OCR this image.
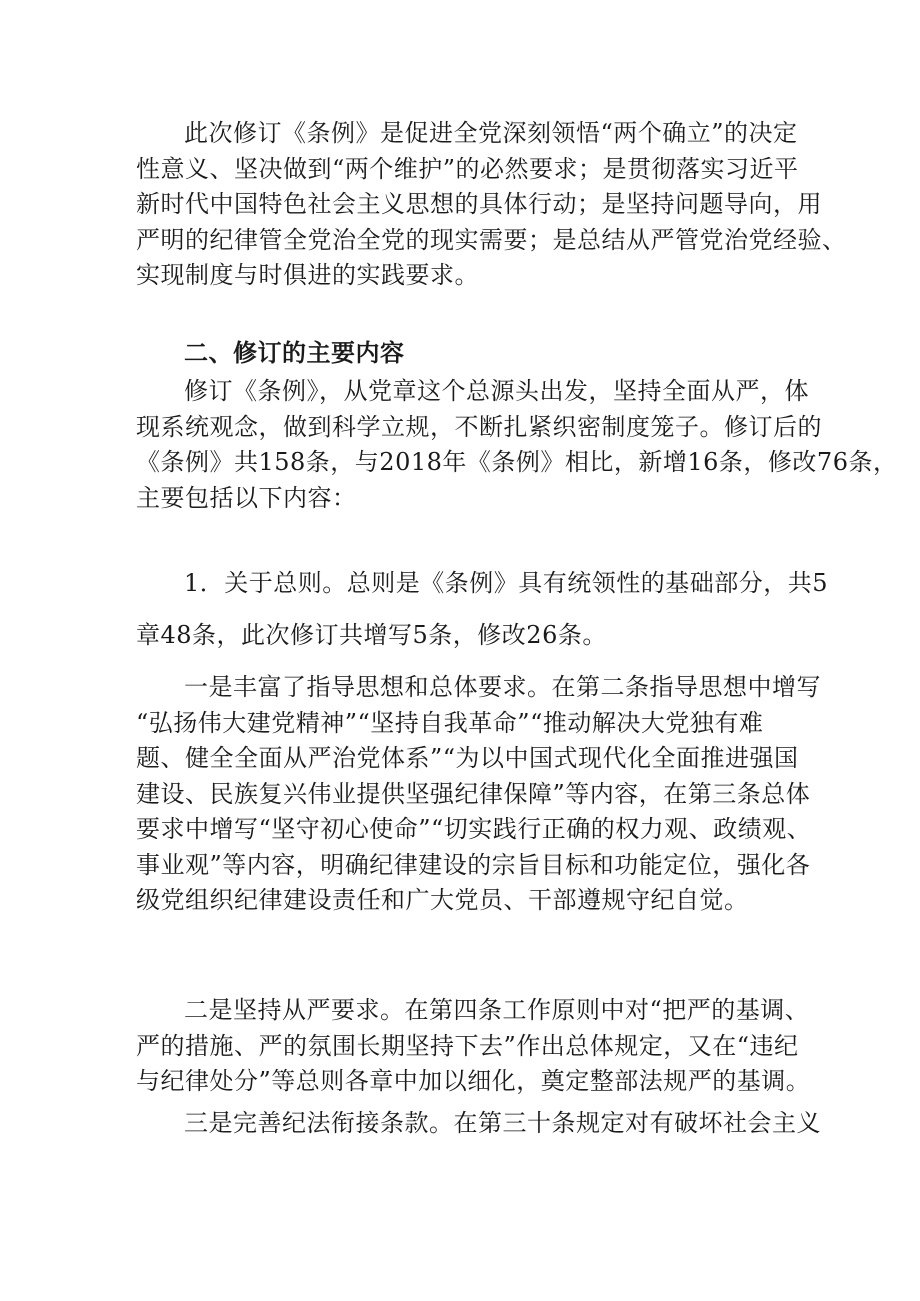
此次修订《条例》是促进全党深刻领悟“两个确立”的决定
性意义、坚决做到“两个维护”的必然要求；是贯彻落实习近平
新时代中国特色社会主义思想的具体行动；是坚持问题导向，用
严明的纪律管全党治全党的现实需要；是总结从严管党治党经验、
实现制度与时俱进的实践要求。

二、修订的主要内容

修订《条例》，从党章这个总源头出发，坚持全面从严，体
现系统观念，做到科学立规，不断扎紧织密制度笼子。修订后的
《条例》共158条，与2018年《条例》相比，新增16条，修改76条，
主要包括以下内容：

1．关于总则。总则是《条例》具有统领性的基础部分，共5
章48条，此次修订共增写5条，修改26条。

一是丰富了指导思想和总体要求。在第二条指导思想中增写
“弘扬伟大建党精神”“坚持自我革命”“推动解决大党独有难
题、健全全面从严治党体系”“为以中国式现代化全面推进强国
建设、民族复兴伟业提供坚强纪律保障”等内容，在第三条总体
要求中增写“坚守初心使命”“切实践行正确的权力观、政绩观、
事业观”等内容，明确纪律建设的宗旨目标和功能定位，强化各
级党组织纪律建设责任和广大党员、干部遵规守纪自觉。

二是坚持从严要求。在第四条工作原则中对“把严的基调、
严的措施、严的氛围长期坚持下去”作出总体规定，又在“违纪
与纪律处分”等总则各章中加以细化，奠定整部法规严的基调。

三是完善纪法衔接条款。在第三十条规定对有破坏社会主义
